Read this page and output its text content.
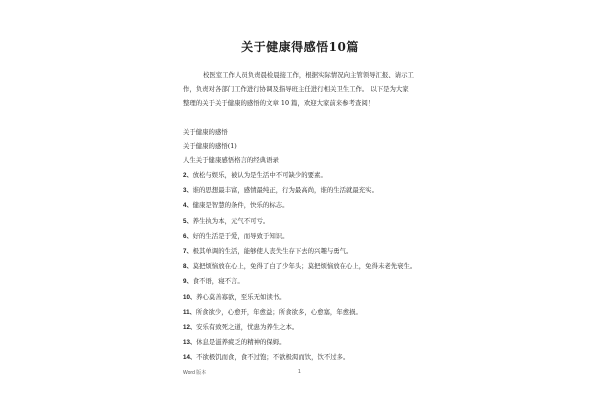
关于健康得感悟10篇
校医室工作人员负责晨检晨接工作，根据实际情况向主管领导汇报、请示工
作，负责对各部门工作进行协调及指导班主任进行相关卫生工作。 以下是为大家
整理的关于关于健康的感悟的文章 10 篇，欢迎大家前来参考查阅！
关于健康的感悟
关于健康的感悟(1)
人生关于健康感悟格言的经典语录
2、放松与娱乐，被认为是生活中不可缺少的要素。
3、谁的思想最丰富，感情最纯正，行为最高尚，谁的生活就最充实。
4、健康是智慧的条件，快乐的标志。
5、养生执为本，元气不可亏。
6、好的生活是于爱，而导致于知识。
7、极其单调的生活，能够使人丧失生存下去的兴趣与勇气。
8、莫把烦恼放在心上，免得了白了少年头；莫把烦恼放在心上，免得未老先衰生。
9、食不语，寝不言。
10、养心莫善寡欲，至乐无如读书。
11、所食欲少，心愈开，年愈益；所食欲多，心愈塞，年愈损。
12、安乐有致死之道，忧患为养生之本。
13、休息是滋养疲乏的精神的保姆。
14、不欲极饥而食，食不过饱；不欲极渴而饮，饮不过多。
Word 版本	1
